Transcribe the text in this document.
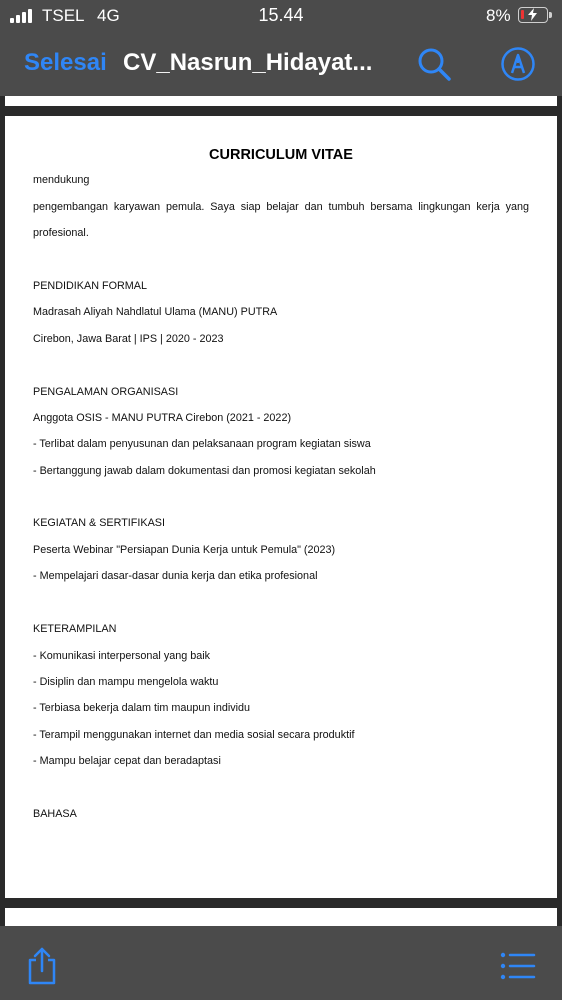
TSEL 4G	15.44	8%
Selesai CV_Nasrun_Hidayat...
CURRICULUM VITAE
mendukung
pengembangan karyawan pemula. Saya siap belajar dan tumbuh bersama lingkungan kerja yang
profesional.
PENDIDIKAN FORMAL
Madrasah Aliyah Nahdlatul Ulama (MANU) PUTRA
Cirebon, Jawa Barat | IPS | 2020 - 2023
PENGALAMAN ORGANISASI
Anggota OSIS - MANU PUTRA Cirebon (2021 - 2022)
- Terlibat dalam penyusunan dan pelaksanaan program kegiatan siswa
- Bertanggung jawab dalam dokumentasi dan promosi kegiatan sekolah
KEGIATAN & SERTIFIKASI
Peserta Webinar "Persiapan Dunia Kerja untuk Pemula" (2023)
- Mempelajari dasar-dasar dunia kerja dan etika profesional
KETERAMPILAN
- Komunikasi interpersonal yang baik
- Disiplin dan mampu mengelola waktu
- Terbiasa bekerja dalam tim maupun individu
- Terampil menggunakan internet dan media sosial secara produktif
- Mampu belajar cepat dan beradaptasi
BAHASA
